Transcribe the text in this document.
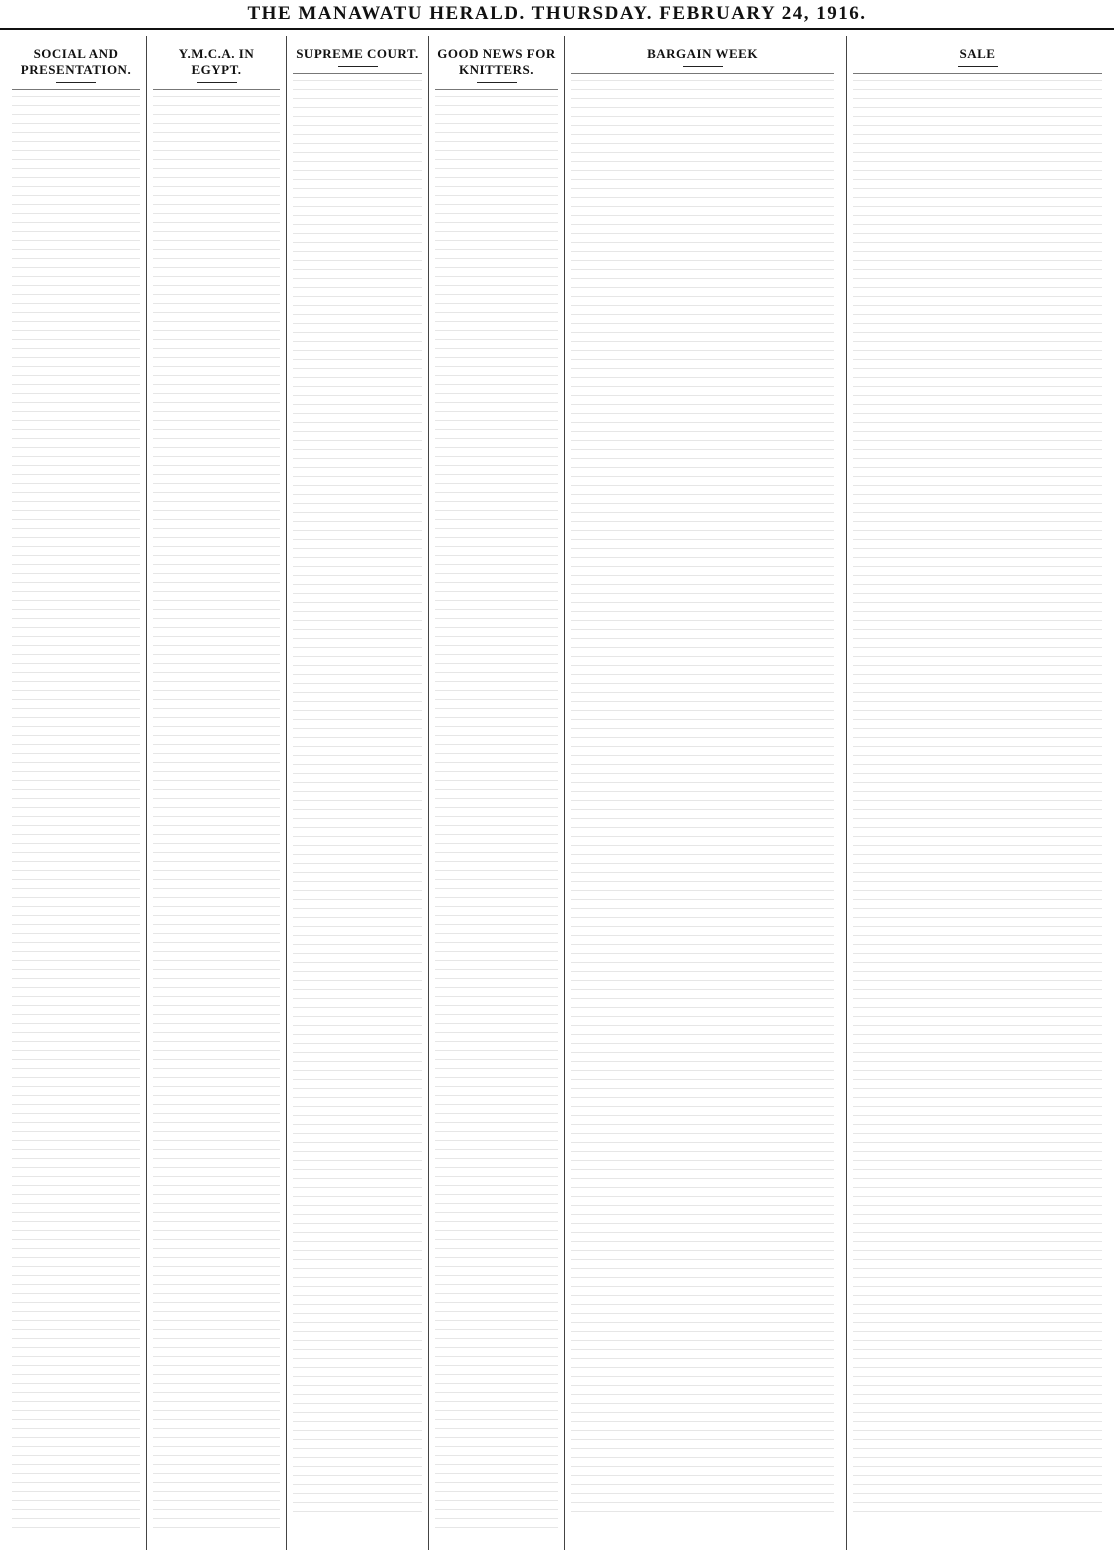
THE MANAWATU HERALD. THURSDAY. FEBRUARY 24, 1916.
SOCIAL AND PRESENTATION.
Y.M.C.A. IN EGYPT.
SUPREME COURT. GOOD NEWS FOR KNITTERS.
BARGAIN WEEK	SALE
